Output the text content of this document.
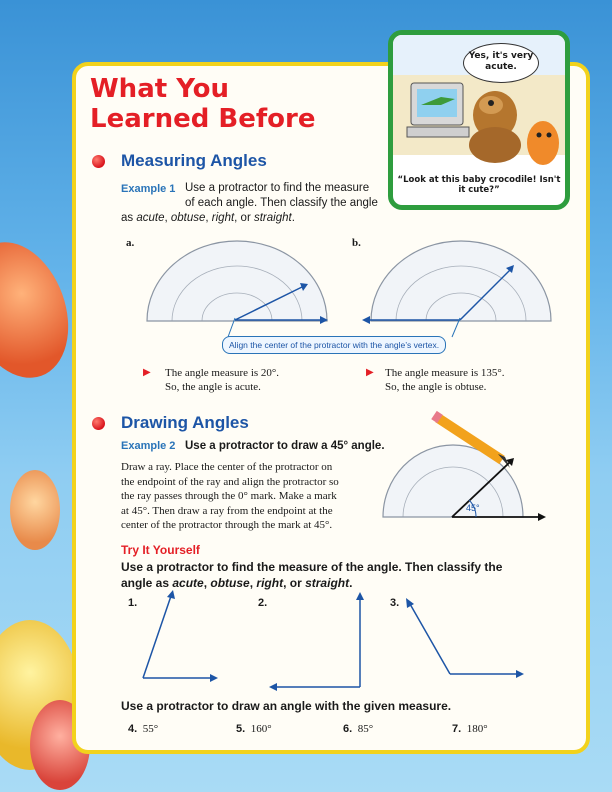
What You
Learned Before
Yes, it's very acute.
“Look at this baby crocodile! Isn't it cute?”
Measuring Angles
Example 1 Use a protractor to find the measure
of each angle. Then classify the angle

as acute, obtuse, right, or straight.
a.	b.
Align the center of the protractor with the angle’s vertex.
▶ The angle measure is 20°.
So, the angle is acute.
▶ The angle measure is 135°.
So, the angle is obtuse.
Drawing Angles
Example 2 Use a protractor to draw a 45° angle.
Draw a ray. Place the center of the protractor on
the endpoint of the ray and align the protractor so
the ray passes through the 0° mark. Make a mark
at 45°. Then draw a ray from the endpoint at the
center of the protractor through the mark at 45°.
45°
Try It Yourself
Use a protractor to find the measure of the angle. Then classify the
angle as acute, obtuse, right, or straight.
1.	2.	3.
Use a protractor to draw an angle with the given measure.
4. 55°	5. 160°	6. 85°	7. 180°
